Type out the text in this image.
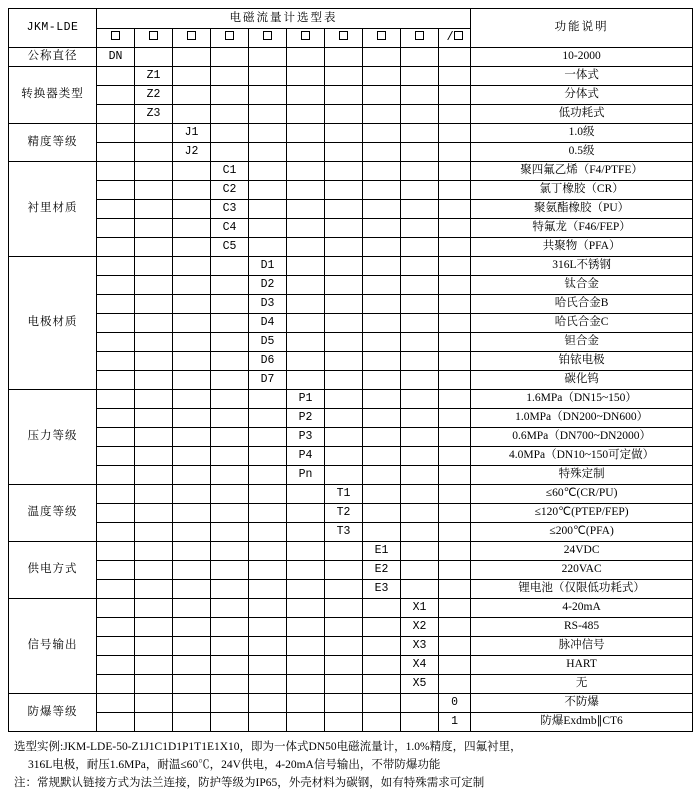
JKM-LDE	电磁流量计选型表										功能说明
										/	
公称直径	DN										10-2000
转换器类型		Z1									一体式
		Z2									分体式
		Z3									低功耗式
精度等级			J1								1.0级
			J2								0.5级
衬里材质				C1							聚四氟乙烯（F4/PTFE）
				C2							氯丁橡胶（CR）
				C3							聚氨酯橡胶（PU）
				C4							特氟龙（F46/FEP）
				C5							共聚物（PFA）
电极材质					D1						316L不锈钢
					D2						钛合金
					D3						哈氏合金B
					D4						哈氏合金C
					D5						钽合金
					D6						铂铱电极
					D7						碳化钨
压力等级						P1					1.6MPa（DN15~150）
						P2					1.0MPa（DN200~DN600）
						P3					0.6MPa（DN700~DN2000）
						P4					4.0MPa（DN10~150可定做）
						Pn					特殊定制
温度等级							T1				≤60℃(CR/PU)
							T2				≤120℃(PTEP/FEP)
							T3				≤200℃(PFA)
供电方式								E1			24VDC
								E2			220VAC
								E3			锂电池（仅限低功耗式）
信号输出									X1		4-20mA
									X2		RS-485
									X3		脉冲信号
									X4		HART
									X5		无
防爆等级										0	不防爆
										1	防爆Exdmb∥CT6
选型实例:JKM-LDE-50-Z1J1C1D1P1T1E1X10，即为一体式DN50电磁流量计，1.0%精度，四氟衬里，
316L电极，耐压1.6MPa，耐温≤60℃，24V供电，4-20mA信号输出，不带防爆功能
注：常规默认链接方式为法兰连接，防护等级为IP65，外壳材料为碳钢，如有特殊需求可定制
